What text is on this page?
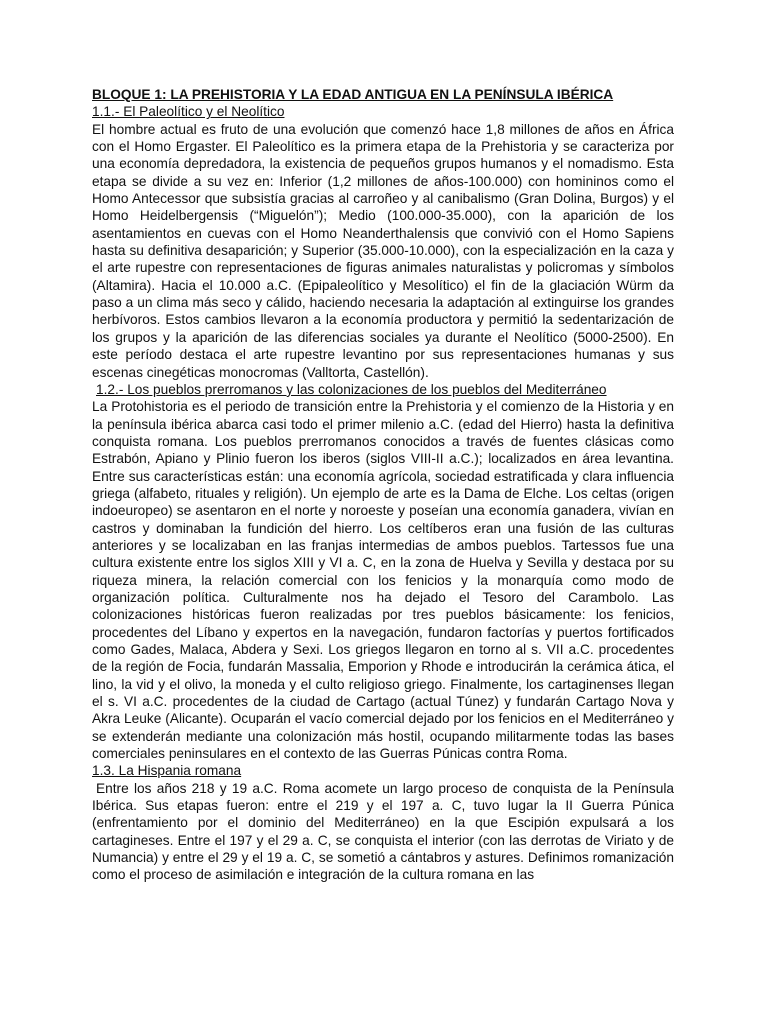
BLOQUE 1: LA PREHISTORIA Y LA EDAD ANTIGUA EN LA PENÍNSULA IBÉRICA
1.1.- El Paleolítico y el Neolítico

El hombre actual es fruto de una evolución que comenzó hace 1,8 millones de años en África con el Homo Ergaster. El Paleolítico es la primera etapa de la Prehistoria y se caracteriza por una economía depredadora, la existencia de pequeños grupos humanos y el nomadismo. Esta etapa se divide a su vez en: Inferior (1,2 millones de años-100.000) con homininos como el Homo Antecessor que subsistía gracias al carroñeo y al canibalismo (Gran Dolina, Burgos) y el Homo Heidelbergensis (“Miguelón”); Medio (100.000-35.000), con la aparición de los asentamientos en cuevas con el Homo Neanderthalensis que convivió con el Homo Sapiens hasta su definitiva desaparición; y Superior (35.000-10.000), con la especialización en la caza y el arte rupestre con representaciones de figuras animales naturalistas y policromas y símbolos (Altamira). Hacia el 10.000 a.C. (Epipaleolítico y Mesolítico) el fin de la glaciación Würm da paso a un clima más seco y cálido, haciendo necesaria la adaptación al extinguirse los grandes herbívoros. Estos cambios llevaron a la economía productora y permitió la sedentarización de los grupos y la aparición de las diferencias sociales ya durante el Neolítico (5000-2500). En este período destaca el arte rupestre levantino por sus representaciones humanas y sus escenas cinegéticas monocromas (Valltorta, Castellón).

1.2.- Los pueblos prerromanos y las colonizaciones de los pueblos del Mediterráneo

La Protohistoria es el periodo de transición entre la Prehistoria y el comienzo de la Historia y en la península ibérica abarca casi todo el primer milenio a.C. (edad del Hierro) hasta la definitiva conquista romana. Los pueblos prerromanos conocidos a través de fuentes clásicas como Estrabón, Apiano y Plinio fueron los iberos (siglos VIII-II a.C.); localizados en área levantina. Entre sus características están: una economía agrícola, sociedad estratificada y clara influencia griega (alfabeto, rituales y religión). Un ejemplo de arte es la Dama de Elche. Los celtas (origen indoeuropeo) se asentaron en el norte y noroeste y poseían una economía ganadera, vivían en castros y dominaban la fundición del hierro. Los celtíberos eran una fusión de las culturas anteriores y se localizaban en las franjas intermedias de ambos pueblos. Tartessos fue una cultura existente entre los siglos XIII y VI a. C, en la zona de Huelva y Sevilla y destaca por su riqueza minera, la relación comercial con los fenicios y la monarquía como modo de organización política. Culturalmente nos ha dejado el Tesoro del Carambolo. Las colonizaciones históricas fueron realizadas por tres pueblos básicamente: los fenicios, procedentes del Líbano y expertos en la navegación, fundaron factorías y puertos fortificados como Gades, Malaca, Abdera y Sexi. Los griegos llegaron en torno al s. VII a.C. procedentes de la región de Focia, fundarán Massalia, Emporion y Rhode e introducirán la cerámica ática, el lino, la vid y el olivo, la moneda y el culto religioso griego. Finalmente, los cartaginenses llegan el s. VI a.C. procedentes de la ciudad de Cartago (actual Túnez) y fundarán Cartago Nova y Akra Leuke (Alicante). Ocuparán el vacío comercial dejado por los fenicios en el Mediterráneo y se extenderán mediante una colonización más hostil, ocupando militarmente todas las bases comerciales peninsulares en el contexto de las Guerras Púnicas contra Roma.

1.3. La Hispania romana

Entre los años 218 y 19 a.C. Roma acomete un largo proceso de conquista de la Península Ibérica. Sus etapas fueron: entre el 219 y el 197 a. C, tuvo lugar la II Guerra Púnica (enfrentamiento por el dominio del Mediterráneo) en la que Escipión expulsará a los cartagineses. Entre el 197 y el 29 a. C, se conquista el interior (con las derrotas de Viriato y de Numancia) y entre el 29 y el 19 a. C, se sometió a cántabros y astures. Definimos romanización como el proceso de asimilación e integración de la cultura romana en las
